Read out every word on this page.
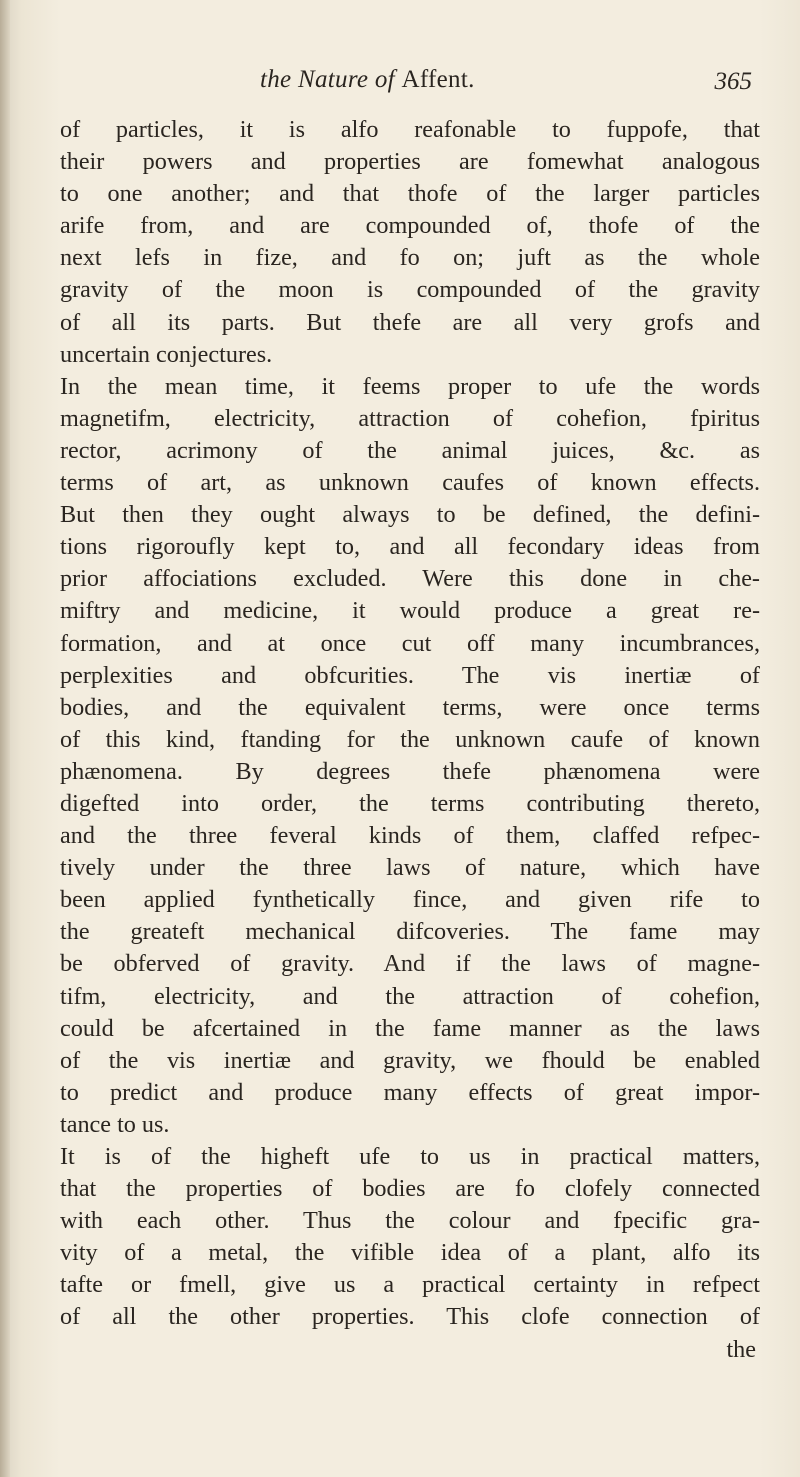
the Nature of Affent.	365
of particles, it is alfo reafonable to fuppofe, that
their powers and properties are fomewhat analogous
to one another; and that thofe of the larger particles
arife from, and are compounded of, thofe of the
next lefs in fize, and fo on; juft as the whole
gravity of the moon is compounded of the gravity
of all its parts. But thefe are all very grofs and
uncertain conjectures.
In the mean time, it feems proper to ufe the words
magnetifm, electricity, attraction of cohefion, fpiritus
rector, acrimony of the animal juices, &c. as
terms of art, as unknown caufes of known effects.
But then they ought always to be defined, the defini-
tions rigoroufly kept to, and all fecondary ideas from
prior affociations excluded. Were this done in che-
miftry and medicine, it would produce a great re-
formation, and at once cut off many incumbrances,
perplexities and obfcurities. The vis inertiæ of
bodies, and the equivalent terms, were once terms
of this kind, ftanding for the unknown caufe of known
phænomena. By degrees thefe phænomena were
digefted into order, the terms contributing thereto,
and the three feveral kinds of them, claffed refpec-
tively under the three laws of nature, which have
been applied fynthetically fince, and given rife to
the greateft mechanical difcoveries. The fame may
be obferved of gravity. And if the laws of magne-
tifm, electricity, and the attraction of cohefion,
could be afcertained in the fame manner as the laws
of the vis inertiæ and gravity, we fhould be enabled
to predict and produce many effects of great impor-
tance to us.
It is of the higheft ufe to us in practical matters,
that the properties of bodies are fo clofely connected
with each other. Thus the colour and fpecific gra-
vity of a metal, the vifible idea of a plant, alfo its
tafte or fmell, give us a practical certainty in refpect
of all the other properties. This clofe connection of
the
